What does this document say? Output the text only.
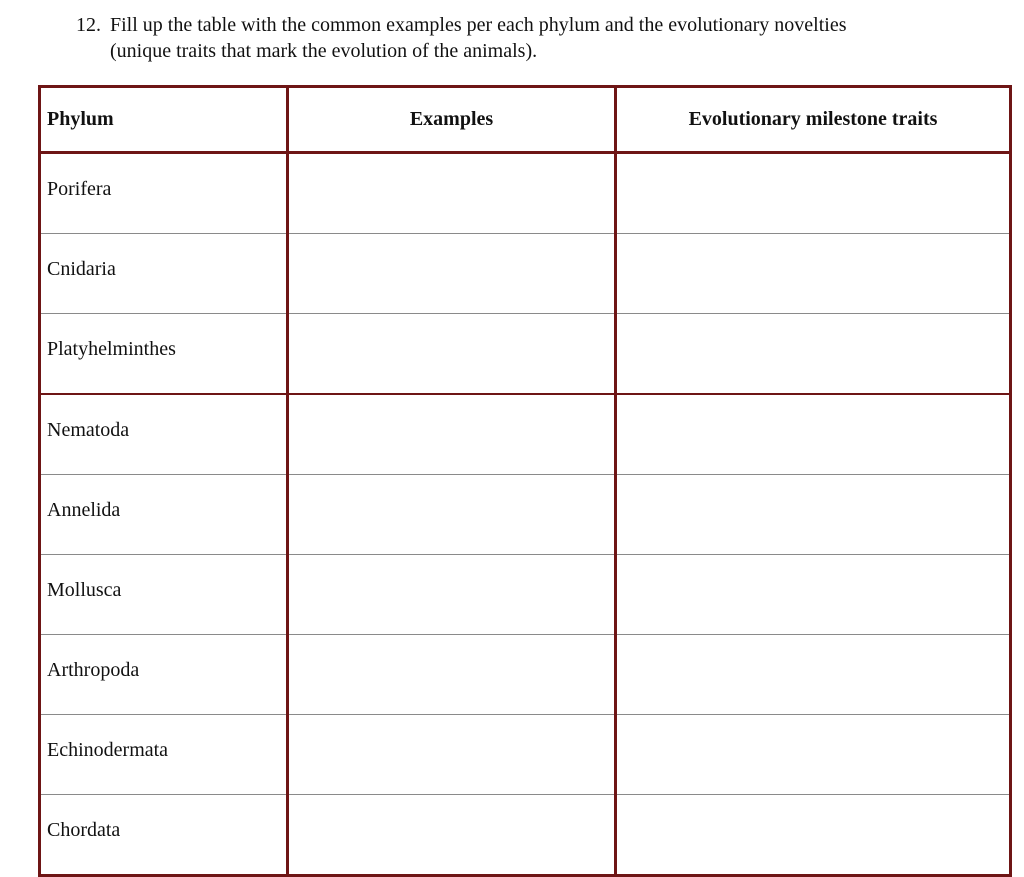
12. Fill up the table with the common examples per each phylum and the evolutionary novelties
(unique traits that mark the evolution of the animals).
Phylum	Examples	Evolutionary milestone traits
Porifera		
Cnidaria		
Platyhelminthes		
Nematoda		
Annelida		
Mollusca		
Arthropoda		
Echinodermata		
Chordata		
